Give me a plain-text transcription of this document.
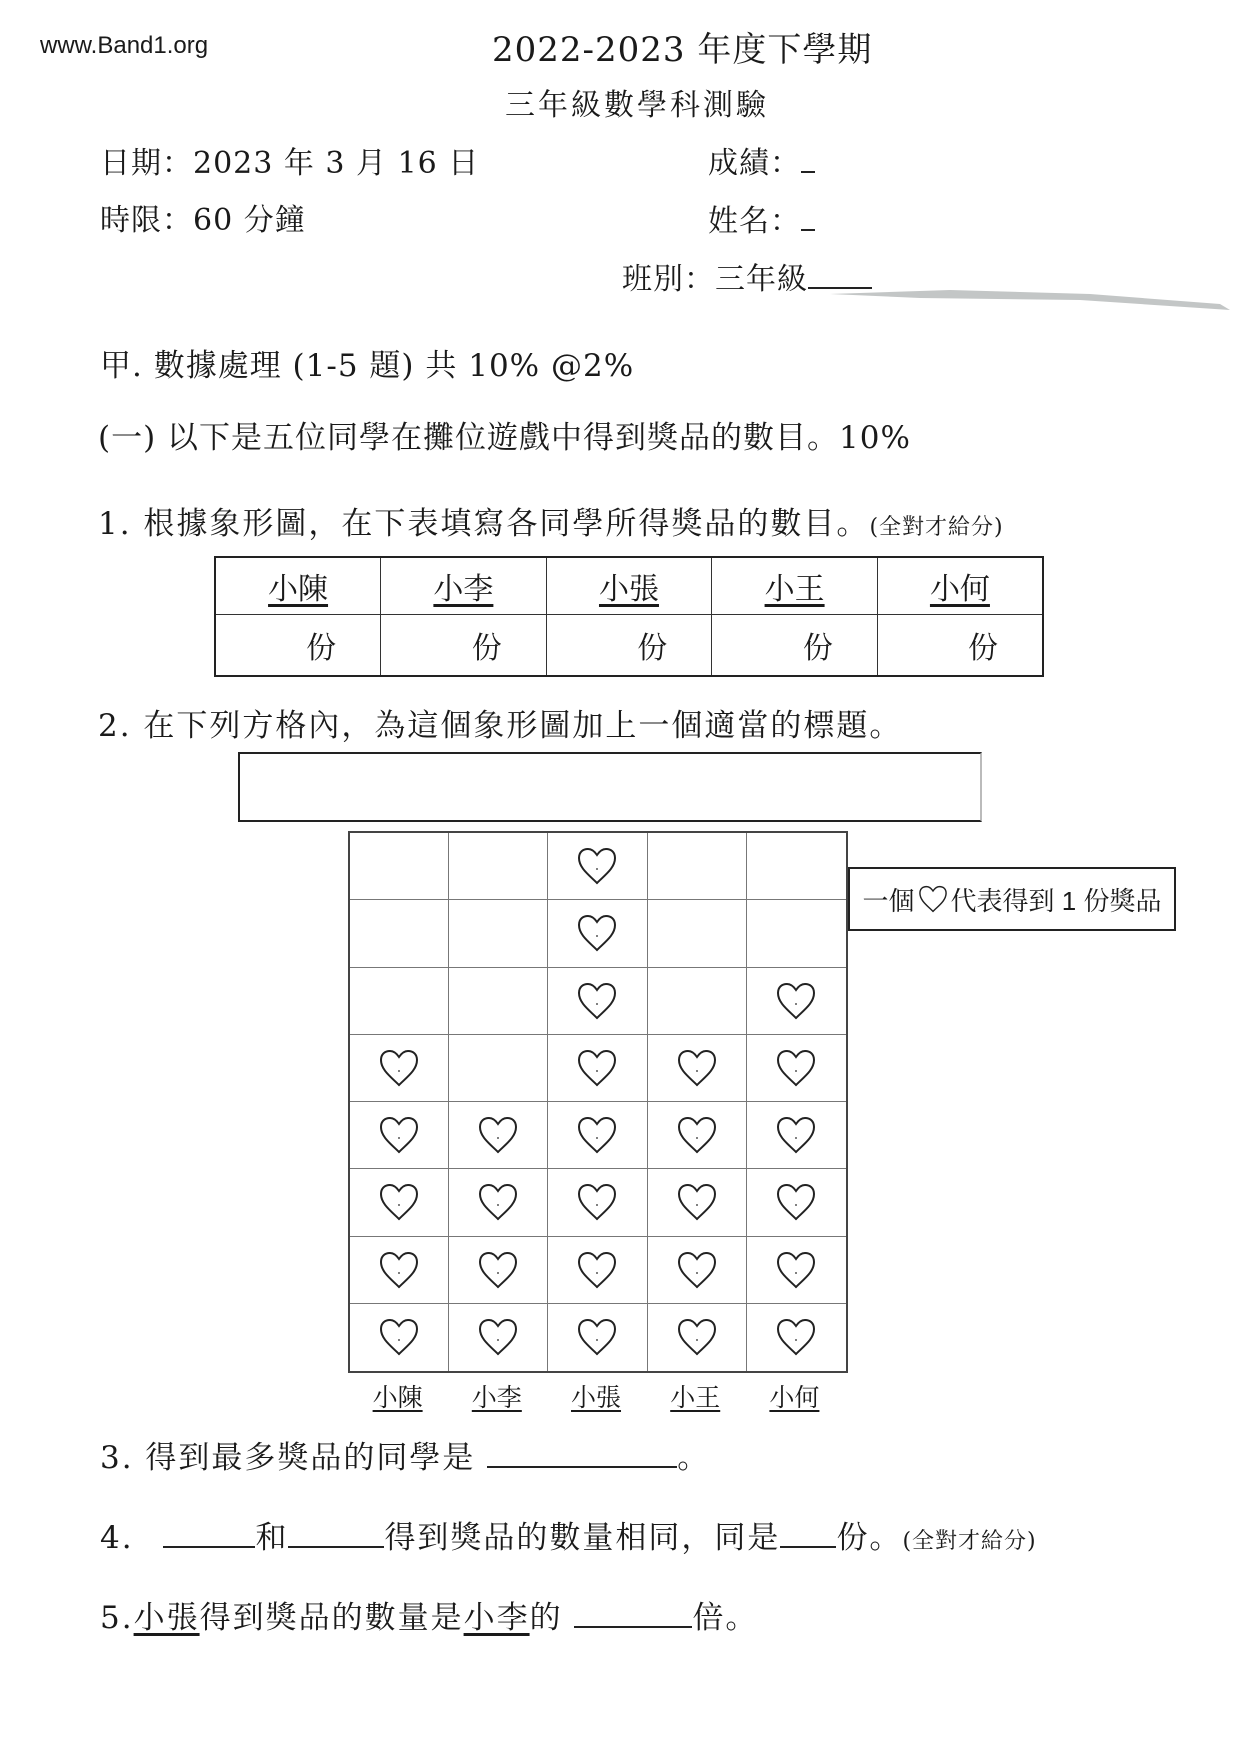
www.Band1.org	2022-2023 年度下學期
三年級數學科測驗
日期：2023 年 3 月 16 日
時限：60 分鐘
成績：
姓名：
班別：三年級
甲. 數據處理 (1-5 題) 共 10% @2%
(一) 以下是五位同學在攤位遊戲中得到獎品的數目。10%
1. 根據象形圖，在下表填寫各同學所得獎品的數目。(全對才給分)
小陳	小李	小張	小王	小何
份	份	份	份	份
2. 在下列方格內，為這個象形圖加上一個適當的標題。
小陳	小李	小張	小王	小何
一個 代表得到 1 份獎品
3. 得到最多獎品的同學是	。
4.	和	得到獎品的數量相同，同是 份。(全對才給分)
5.小張得到獎品的數量是小李的	倍。
